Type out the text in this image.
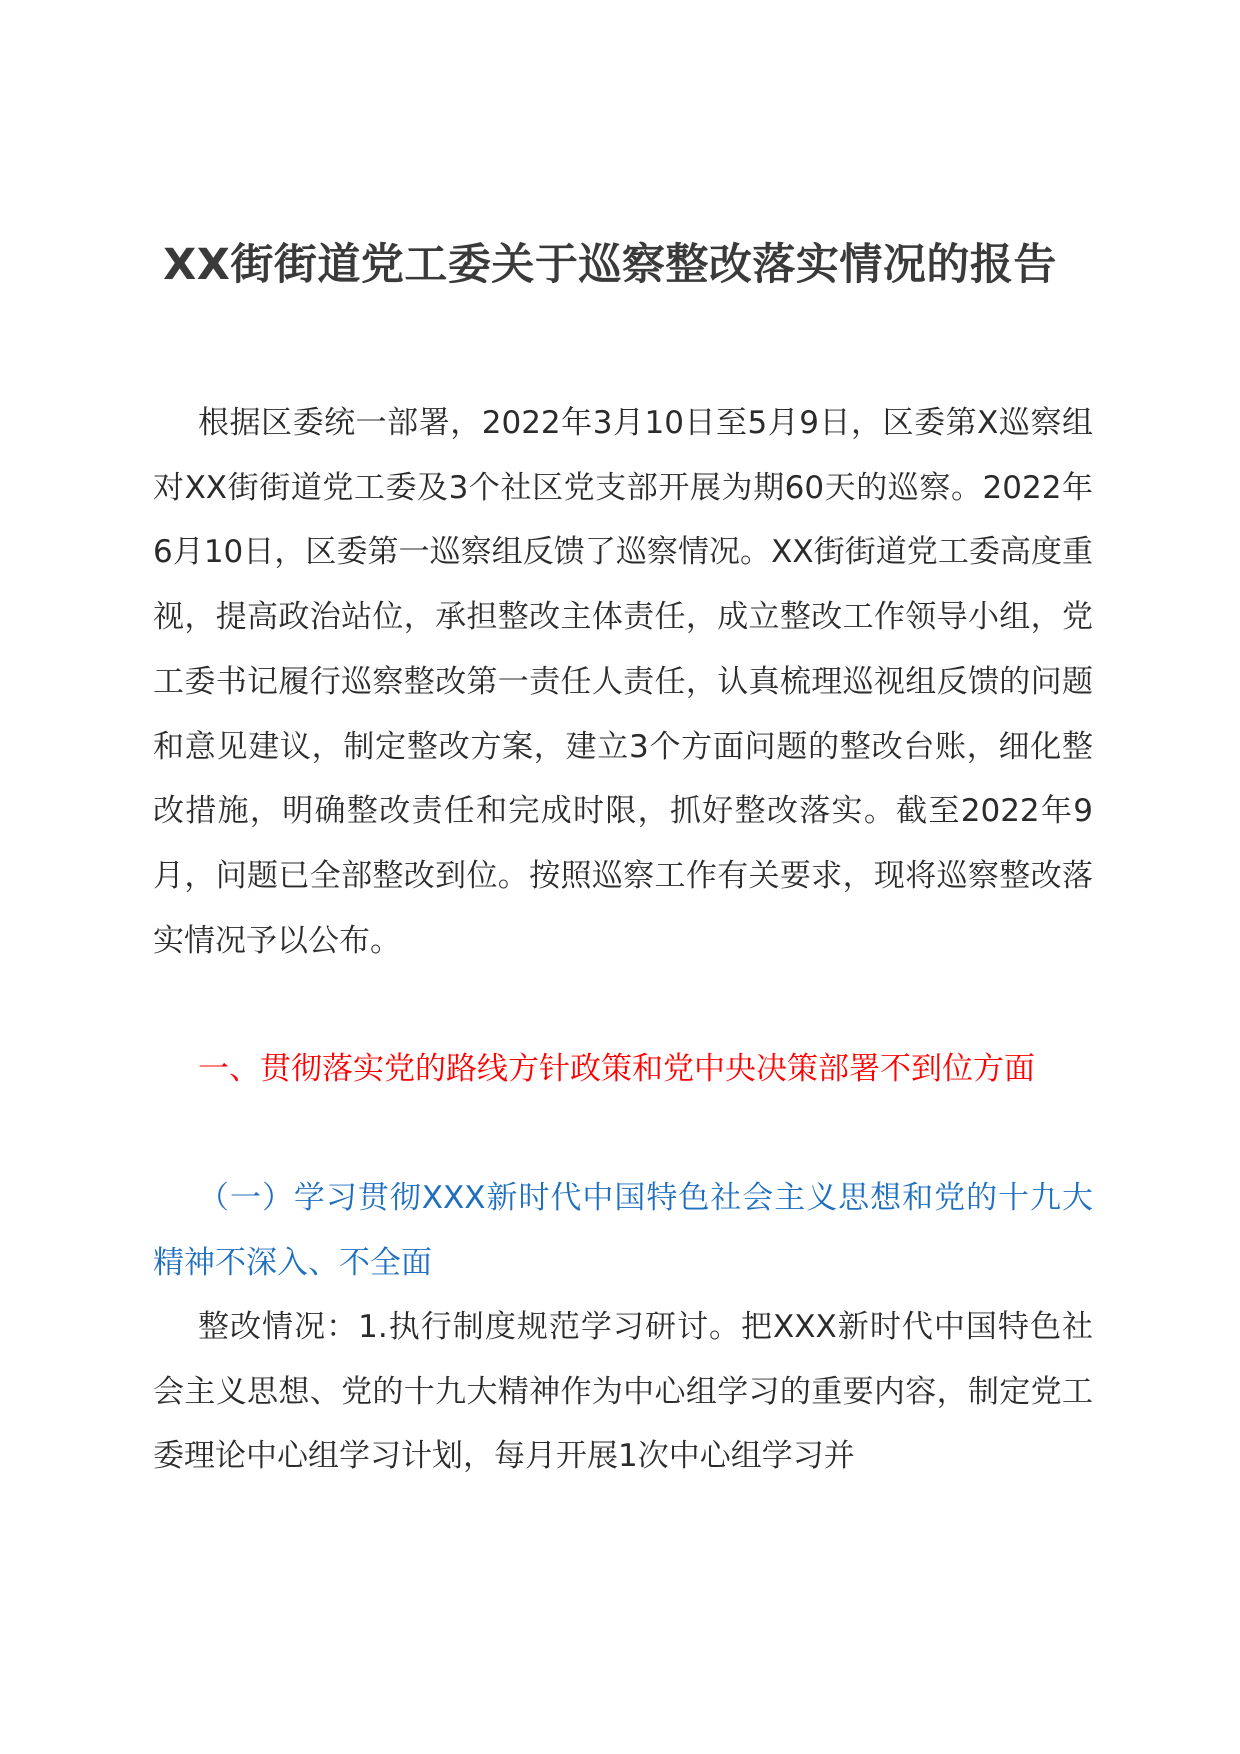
XX街街道党工委关于巡察整改落实情况的报告

根据区委统一部署，2022年3月10日至5月9日，区委第X巡察组对XX街街道党工委及3个社区党支部开展为期60天的巡察。2022年6月10日，区委第一巡察组反馈了巡察情况。XX街街道党工委高度重视，提高政治站位，承担整改主体责任，成立整改工作领导小组，党工委书记履行巡察整改第一责任人责任，认真梳理巡视组反馈的问题和意见建议，制定整改方案，建立3个方面问题的整改台账，细化整改措施，明确整改责任和完成时限，抓好整改落实。截至2022年9月，问题已全部整改到位。按照巡察工作有关要求，现将巡察整改落实情况予以公布。

一、贯彻落实党的路线方针政策和党中央决策部署不到位方面

（一）学习贯彻XXX新时代中国特色社会主义思想和党的十九大精神不深入、不全面

整改情况：1.执行制度规范学习研讨。把XXX新时代中国特色社会主义思想、党的十九大精神作为中心组学习的重要内容，制定党工委理论中心组学习计划，每月开展1次中心组学习并
